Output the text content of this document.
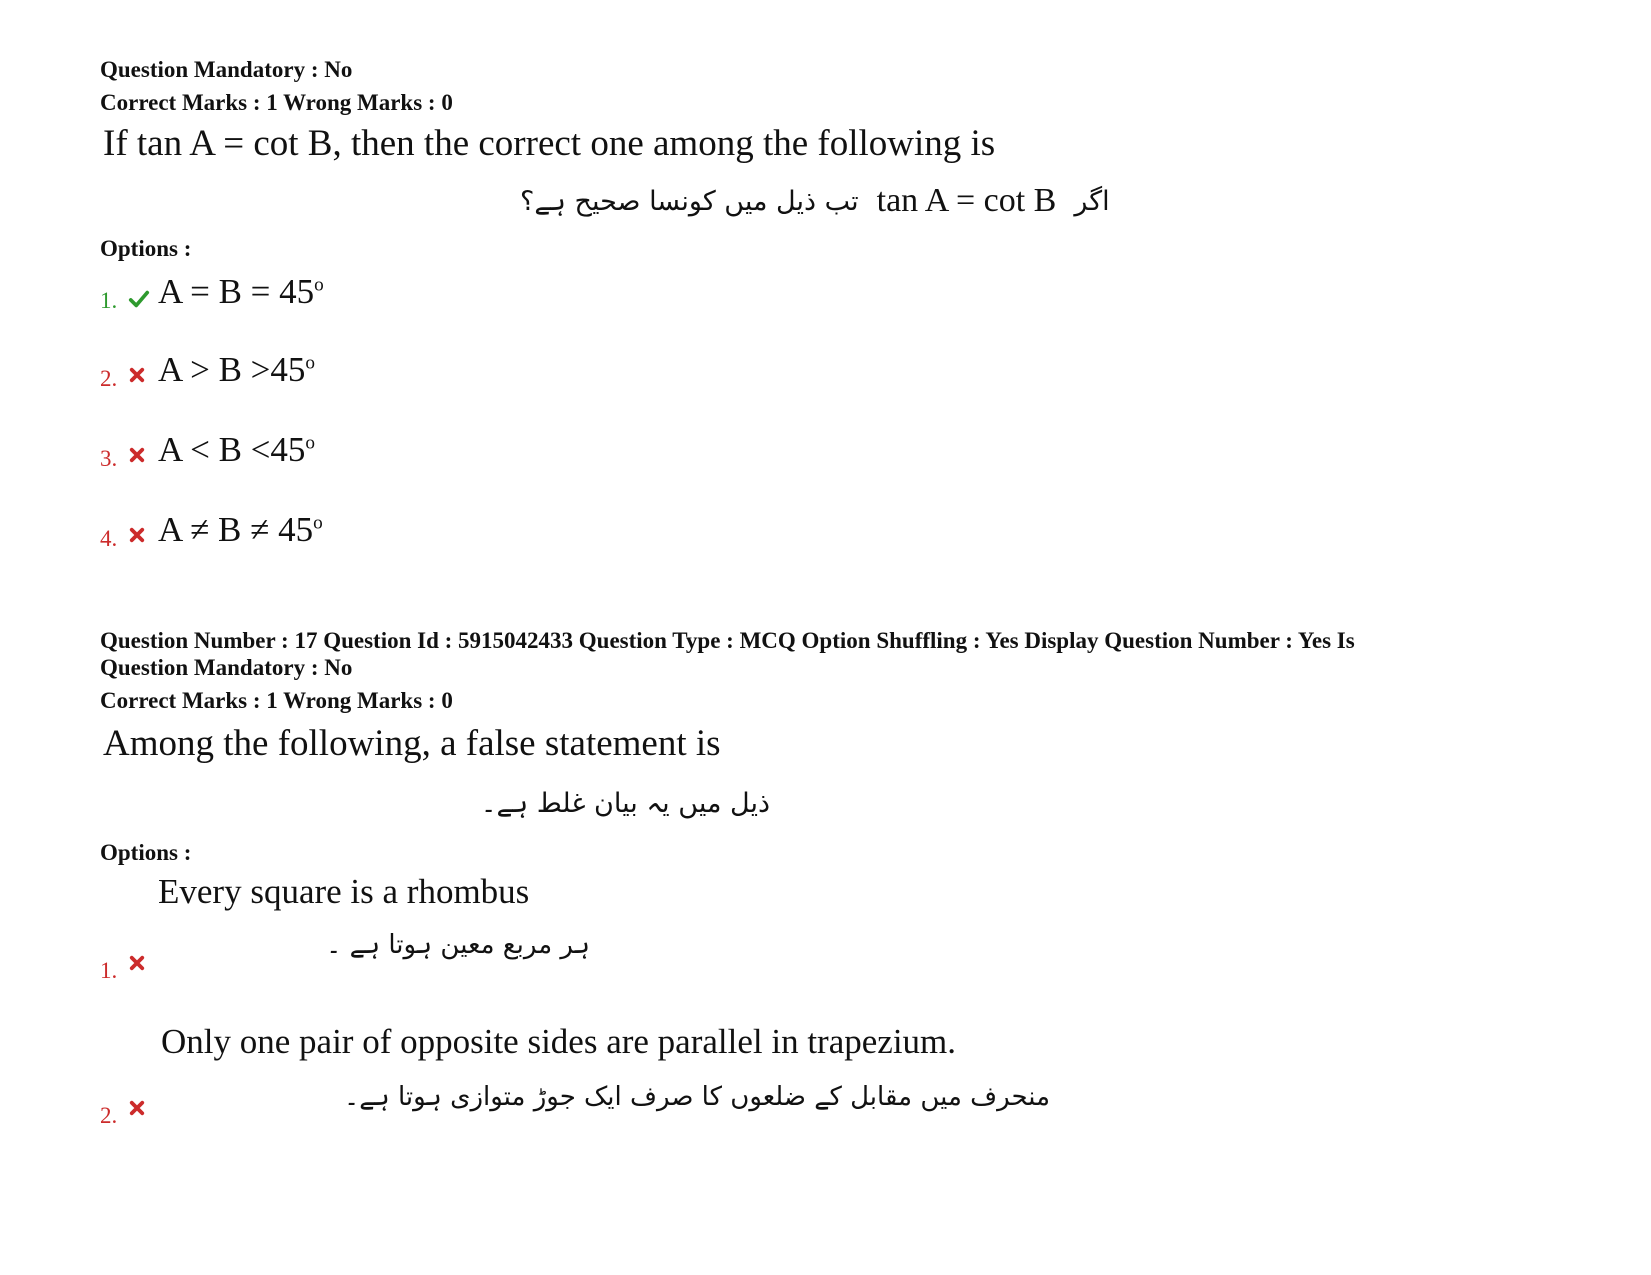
Question Mandatory : No
Correct Marks : 1 Wrong Marks : 0
If tan A = cot B, then the correct one among the following is
تب ذیل میں کونسا صحیح ہے؟ tan A = cot B اگر
Options :
1. $A = B = 45^o$
2. $A > B >45^o$
3. $A < B <45^o$
4. $A \ne B \ne 45^o$
Question Number : 17 Question Id : 5915042433 Question Type : MCQ Option Shuffling : Yes Display Question Number : Yes Is
Question Mandatory : No
Correct Marks : 1 Wrong Marks : 0
Among the following, a false statement is
ذیل میں یہ بیان غلط ہے۔
Options :
1.
Every square is a rhombus
ہر مربع معین ہوتا ہے ۔
2.
Only one pair of opposite sides are parallel in trapezium.
منحرف میں مقابل کے ضلعوں کا صرف ایک جوڑ متوازی ہوتا ہے۔
